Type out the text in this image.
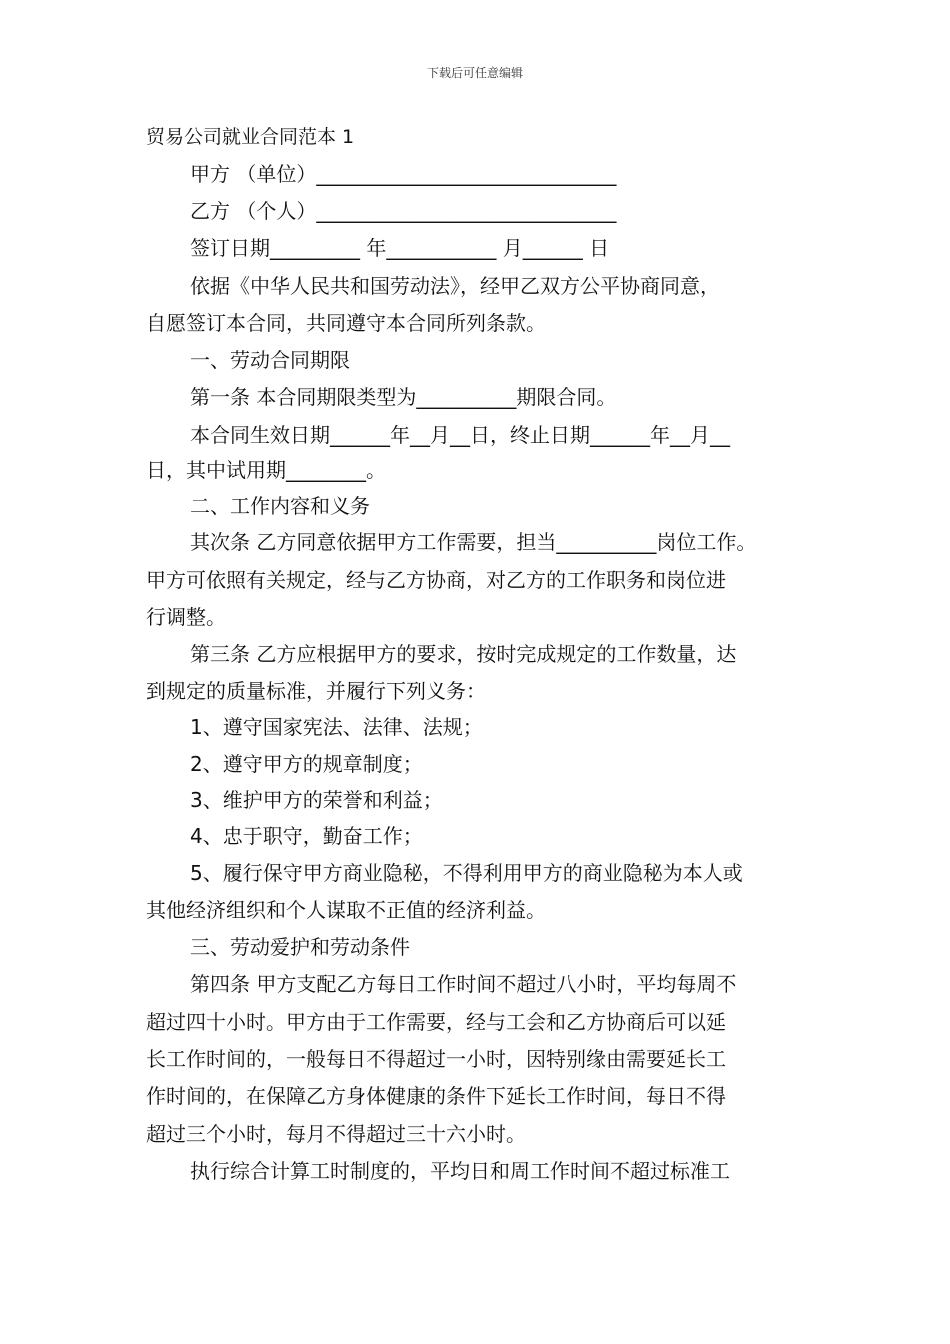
下载后可任意编辑
贸易公司就业合同范本 1
甲方 （单位）______________________________
乙方 （个人）______________________________
签订日期_________ 年___________ 月______ 日
依据《中华人民共和国劳动法》，经甲乙双方公平协商同意，
自愿签订本合同，共同遵守本合同所列条款。
一、劳动合同期限
第一条 本合同期限类型为__________期限合同。
本合同生效日期______年__月__日，终止日期______年__月__
日，其中试用期________。
二、工作内容和义务
其次条 乙方同意依据甲方工作需要，担当__________岗位工作。
甲方可依照有关规定，经与乙方协商，对乙方的工作职务和岗位进
行调整。
第三条 乙方应根据甲方的要求，按时完成规定的工作数量，达
到规定的质量标准，并履行下列义务：
1、遵守国家宪法、法律、法规；
2、遵守甲方的规章制度；
3、维护甲方的荣誉和利益；
4、忠于职守，勤奋工作；
5、履行保守甲方商业隐秘，不得利用甲方的商业隐秘为本人或
其他经济组织和个人谋取不正值的经济利益。
三、劳动爱护和劳动条件
第四条 甲方支配乙方每日工作时间不超过八小时，平均每周不
超过四十小时。甲方由于工作需要，经与工会和乙方协商后可以延
长工作时间的，一般每日不得超过一小时，因特别缘由需要延长工
作时间的，在保障乙方身体健康的条件下延长工作时间，每日不得
超过三个小时，每月不得超过三十六小时。
执行综合计算工时制度的，平均日和周工作时间不超过标准工
